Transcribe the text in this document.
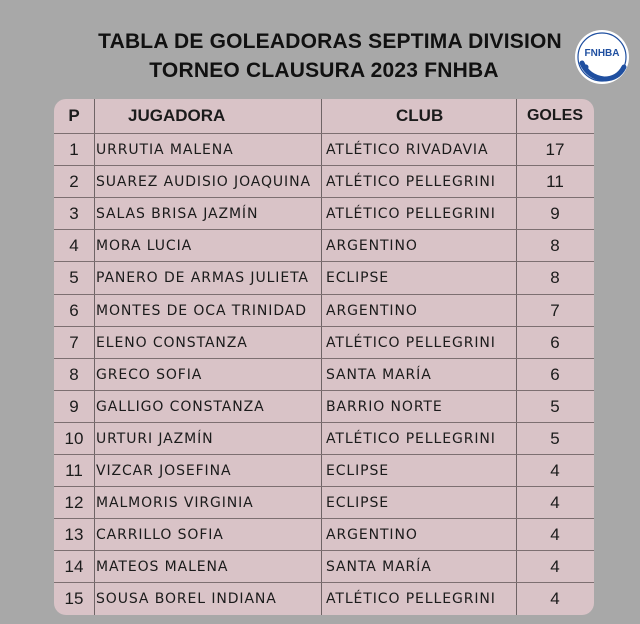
TABLA DE GOLEADORAS SEPTIMA DIVISION
TORNEO CLAUSURA 2023 FNHBA
FNHBA
P	JUGADORA	CLUB	GOLES
1	URRUTIA MALENA	ATLÉTICO RIVADAVIA	17
2	SUAREZ AUDISIO JOAQUINA	ATLÉTICO PELLEGRINI	11
3	SALAS BRISA JAZMÍN	ATLÉTICO PELLEGRINI	9
4	MORA LUCIA	ARGENTINO	8
5	PANERO DE ARMAS JULIETA	ECLIPSE	8
6	MONTES DE OCA TRINIDAD	ARGENTINO	7
7	ELENO CONSTANZA	ATLÉTICO PELLEGRINI	6
8	GRECO SOFIA	SANTA MARÍA	6
9	GALLIGO CONSTANZA	BARRIO NORTE	5
10 URTURI JAZMÍN	ATLÉTICO PELLEGRINI	5
11 VIZCAR JOSEFINA	ECLIPSE	4
12 MALMORIS VIRGINIA	ECLIPSE	4
13 CARRILLO SOFIA	ARGENTINO	4
14 MATEOS MALENA	SANTA MARÍA	4
15 SOUSA BOREL INDIANA	ATLÉTICO PELLEGRINI	4
